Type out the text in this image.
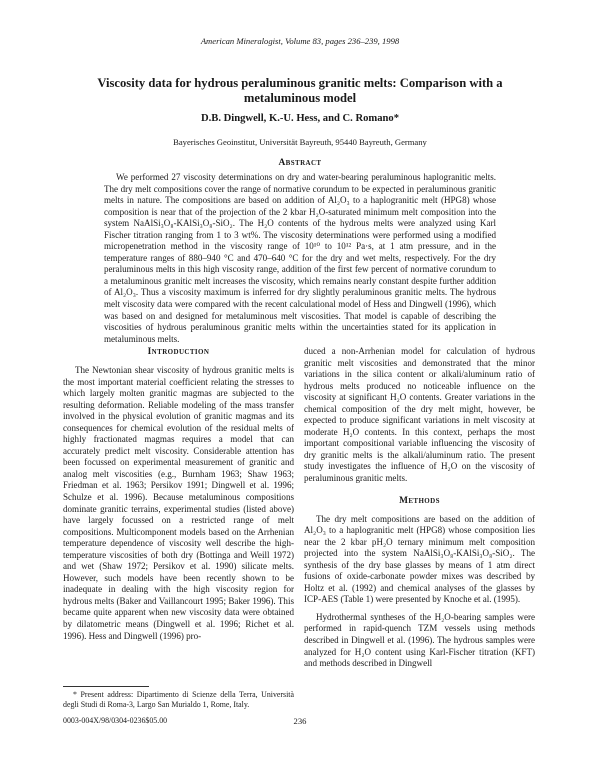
American Mineralogist, Volume 83, pages 236–239, 1998
Viscosity data for hydrous peraluminous granitic melts: Comparison with a metaluminous model
D.B. Dingwell, K.-U. Hess, and C. Romano*
Bayerisches Geoinstitut, Universität Bayreuth, 95440 Bayreuth, Germany
Abstract

We performed 27 viscosity determinations on dry and water-bearing peraluminous haplogranitic melts. The dry melt compositions cover the range of normative corundum to be expected in peraluminous granitic melts in nature. The compositions are based on addition of Al₂O₃ to a haplogranitic melt (HPG8) whose composition is near that of the projection of the 2 kbar H₂O-saturated minimum melt composition into the system NaAlSi₃O₈-KAlSi₃O₈-SiO₂. The H₂O contents of the hydrous melts were analyzed using Karl Fischer titration ranging from 1 to 3 wt%. The viscosity determinations were performed using a modified micropenetration method in the viscosity range of 10¹⁰ to 10¹² Pa·s, at 1 atm pressure, and in the temperature ranges of 880–940 °C and 470–640 °C for the dry and wet melts, respectively. For the dry peraluminous melts in this high viscosity range, addition of the first few percent of normative corundum to a metaluminous granitic melt increases the viscosity, which remains nearly constant despite further addition of Al₂O₃. Thus a viscosity maximum is inferred for dry slightly peraluminous granitic melts. The hydrous melt viscosity data were compared with the recent calculational model of Hess and Dingwell (1996), which was based on and designed for metaluminous melt viscosities. That model is capable of describing the viscosities of hydrous peraluminous granitic melts within the uncertainties stated for its application in metaluminous melts.

Introduction

The Newtonian shear viscosity of hydrous granitic melts is the most important material coefficient relating the stresses to which largely molten granitic magmas are subjected to the resulting deformation. Reliable modeling of the mass transfer involved in the physical evolution of granitic magmas and its consequences for chemical evolution of the residual melts of highly fractionated magmas requires a model that can accurately predict melt viscosity. Considerable attention has been focussed on experimental measurement of granitic and analog melt viscosities (e.g., Burnham 1963; Shaw 1963; Friedman et al. 1963; Persikov 1991; Dingwell et al. 1996; Schulze et al. 1996). Because metaluminous compositions dominate granitic terrains, experimental studies (listed above) have largely focussed on a restricted range of melt compositions. Multicomponent models based on the Arrhenian temperature dependence of viscosity well describe the high-temperature viscosities of both dry (Bottinga and Weill 1972) and wet (Shaw 1972; Persikov et al. 1990) silicate melts. However, such models have been recently shown to be inadequate in dealing with the high viscosity region for hydrous melts (Baker and Vaillancourt 1995; Baker 1996). This became quite apparent when new viscosity data were obtained by dilatometric means (Dingwell et al. 1996; Richet et al. 1996). Hess and Dingwell (1996) pro-

duced a non-Arrhenian model for calculation of hydrous granitic melt viscosities and demonstrated that the minor variations in the silica content or alkali/aluminum ratio of hydrous melts produced no noticeable influence on the viscosity at significant H₂O contents. Greater variations in the chemical composition of the dry melt might, however, be expected to produce significant variations in melt viscosity at moderate H₂O contents. In this context, perhaps the most important compositional variable influencing the viscosity of dry granitic melts is the alkali/aluminum ratio. The present study investigates the influence of H₂O on the viscosity of peraluminous granitic melts.

Methods

The dry melt compositions are based on the addition of Al₂O₃ to a haplogranitic melt (HPG8) whose composition lies near the 2 kbar pH₂O ternary minimum melt composition projected into the system NaAlSi₃O₈-KAlSi₃O₈-SiO₂. The synthesis of the dry base glasses by means of 1 atm direct fusions of oxide-carbonate powder mixes was described by Holtz et al. (1992) and chemical analyses of the glasses by ICP-AES (Table 1) were presented by Knoche et al. (1995).

Hydrothermal syntheses of the H₂O-bearing samples were performed in rapid-quench TZM vessels using methods described in Dingwell et al. (1996). The hydrous samples were analyzed for H₂O content using Karl-Fischer titration (KFT) and methods described in Dingwell

* Present address: Dipartimento di Scienze della Terra, Università degli Studi di Roma-3, Largo San Murialdo 1, Rome, Italy.
0003-004X/98/0304-0236$05.00	236
